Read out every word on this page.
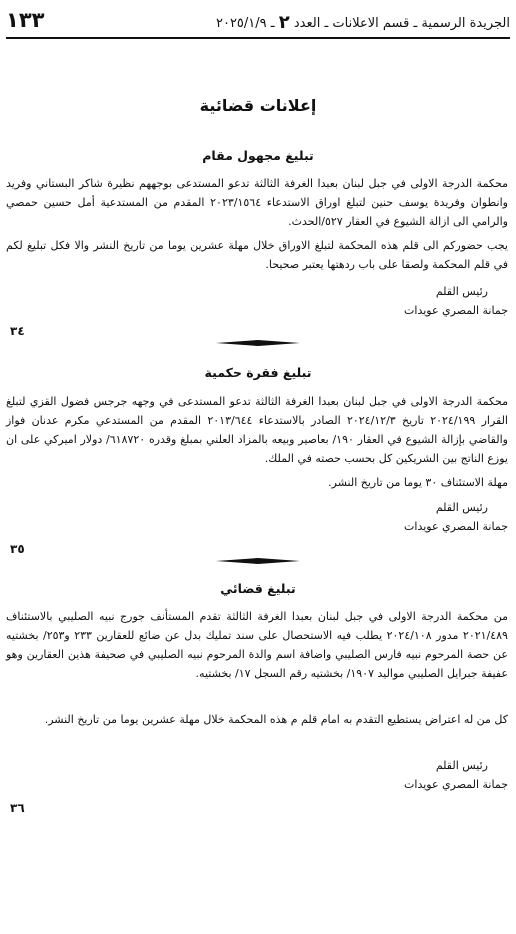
الجريدة الرسمية ـ قسم الاعلانات ـ العدد ٢ ـ ٢٠٢٥/١/٩
١٣٣
إعلانات قضائية
تبليغ مجهول مقام

محكمة الدرجة الاولى في جبل لبنان بعبدا الغرفة الثالثة تدعو المستدعى بوجههم نظيرة شاكر البستاني وفريد وانطوان وفريدة يوسف حنين لتبلغ اوراق الاستدعاء ٢٠٢٣/١٥٦٤ المقدم من المستدعية أمل حسين حمصي والرامي الى ازالة الشيوع في العقار ٥٢٧/الحدث.

يجب حضوركم الى قلم هذه المحكمة لتبلغ الاوراق خلال مهلة عشرين يوما من تاريخ النشر والا فكل تبليغ لكم في قلم المحكمة ولصقا على باب ردهتها يعتبر صحيحا.

رئيس القلم
جمانة المصري عويدات
٣٤
تبليغ فقرة حكمية

محكمة الدرجة الاولى في جبل لبنان بعبدا الغرفة الثالثة تدعو المستدعى في وجهه جرجس فضول القزي لتبلغ القرار ٢٠٢٤/١٩٩ تاريخ ٢٠٢٤/١٢/٣ الصادر بالاستدعاء ٢٠١٣/٦٤٤ المقدم من المستدعي مكرم عدنان فواز والقاضي بإزالة الشيوع في العقار ١٩٠/ بعاصير وبيعه بالمزاد العلني بمبلغ وقدره ٦١٨٧٢٠/ دولار اميركي على ان يوزع الناتج بين الشريكين كل بحسب حصته في الملك.

مهلة الاستئناف ٣٠ يوما من تاريخ النشر.

رئيس القلم
جمانة المصري عويدات
٣٥
تبليغ قضائي

من محكمة الدرجة الاولى في جبل لبنان بعبدا الغرفة الثالثة تقدم المستأنف جورج نبيه الصليبي بالاستئناف ٢٠٢١/٤٨٩ مدور ٢٠٢٤/١٠٨ يطلب فيه الاستحصال على سند تمليك بدل عن ضائع للعقارين ٢٣٣ و٢٥٣/ بخشتيه عن حصة المرحوم نبيه فارس الصليبي واضافة اسم والدة المرحوم نبيه الصليبي في صحيفة هذين العقارين وهو عفيفة جبرايل الصليبي مواليد ١٩٠٧/ بخشتيه رقم السجل ١٧/ بخشتيه.

كل من له اعتراض يستطيع التقدم به امام قلم م هذه المحكمة خلال مهلة عشرين يوما من تاريخ النشر.

رئيس القلم
جمانة المصري عويدات
٣٦
